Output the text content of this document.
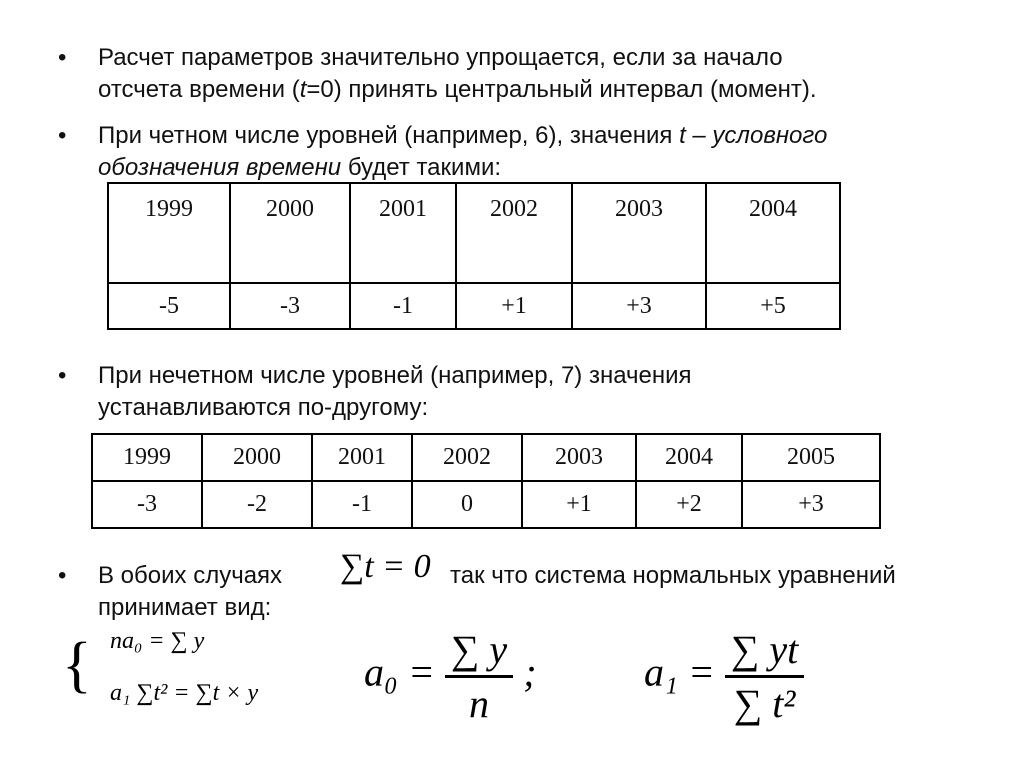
• Расчет параметров значительно упрощается, если за начало
отсчета времени (t=0) принять центральный интервал (момент).
• При четном числе уровней (например, 6), значения t – условного
обозначения времени будет такими:
1999	2000	2001	2002	2003	2004
-5	-3	-1	+1	+3	+5
• При нечетном числе уровней (например, 7) значения
устанавливаются по-другому:
1999	2000	2001	2002	2003	2004	2005
-3	-2	-1	0	+1	+2	+3
• В обоих случаях ∑t = 0 так что система нормальных уравнений
принимает вид:
{ na₀ = ∑ y
a₁ ∑t² = ∑t × y	$a_0 = \frac{\sum y}{n}$ ;	$a_1 = \frac{\sum yt}{\text{∑ t²}}$
